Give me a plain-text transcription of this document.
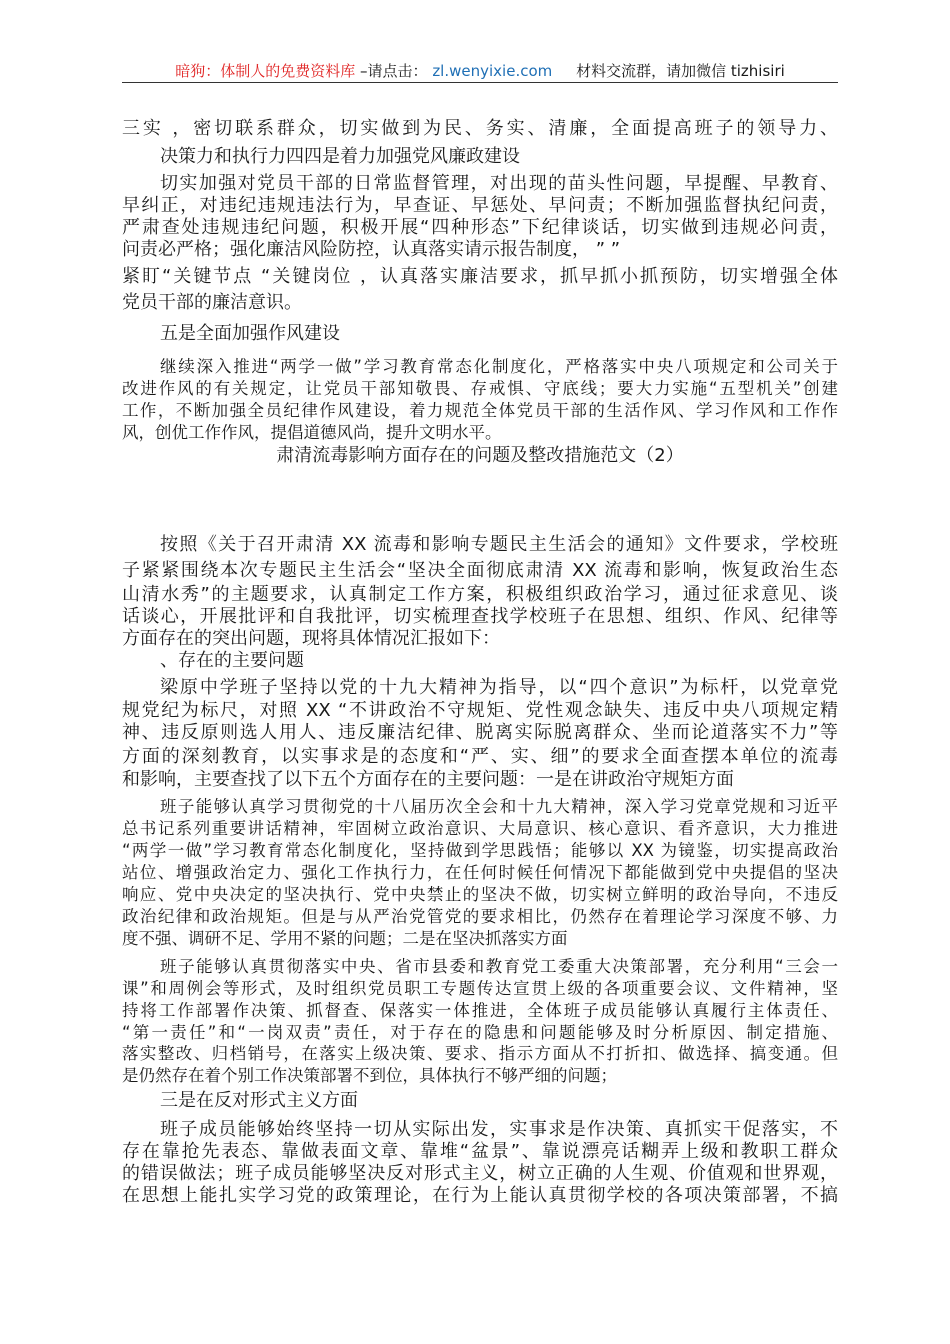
暗狗：体制人的免费资料库 –请点击： zl.wenyixie.com 材料交流群，请加微信 tizhisiri
三实 ，密切联系群众，切实做到为民、务实、清廉，全面提高班子的领导力、
决策力和执行力四四是着力加强党风廉政建设
切实加强对党员干部的日常监督管理，对出现的苗头性问题，早提醒、早教育、
早纠正，对违纪违规违法行为，早查证、早惩处、早问责；不断加强监督执纪问责，
严肃查处违规违纪问题，积极开展“四种形态”下纪律谈话，切实做到违规必问责，
问责必严格；强化廉洁风险防控，认真落实请示报告制度， ” ”
紧盯“关键节点 “关键岗位 ，认真落实廉洁要求，抓早抓小抓预防，切实增强全体
党员干部的廉洁意识。
五是全面加强作风建设
继续深入推进“两学一做”学习教育常态化制度化，严格落实中央八项规定和公司关于
改进作风的有关规定，让党员干部知敬畏、存戒惧、守底线；要大力实施“五型机关”创建
工作，不断加强全员纪律作风建设，着力规范全体党员干部的生活作风、学习作风和工作作
风，创优工作作风，提倡道德风尚，提升文明水平。
肃清流毒影响方面存在的问题及整改措施范文（2）
按照《关于召开肃清 XX 流毒和影响专题民主生活会的通知》文件要求，学校班
子紧紧围绕本次专题民主生活会“坚决全面彻底肃清 XX 流毒和影响，恢复政治生态
山清水秀”的主题要求，认真制定工作方案，积极组织政治学习，通过征求意见、谈
话谈心，开展批评和自我批评，切实梳理查找学校班子在思想、组织、作风、纪律等
方面存在的突出问题，现将具体情况汇报如下：
、存在的主要问题
梁原中学班子坚持以党的十九大精神为指导，以“四个意识”为标杆，以党章党
规党纪为标尺，对照 XX “不讲政治不守规矩、党性观念缺失、违反中央八项规定精
神、违反原则选人用人、违反廉洁纪律、脱离实际脱离群众、坐而论道落实不力”等
方面的深刻教育，以实事求是的态度和“严、实、细”的要求全面查摆本单位的流毒
和影响，主要查找了以下五个方面存在的主要问题：一是在讲政治守规矩方面
班子能够认真学习贯彻党的十八届历次全会和十九大精神，深入学习党章党规和习近平
总书记系列重要讲话精神，牢固树立政治意识、大局意识、核心意识、看齐意识，大力推进
“两学一做”学习教育常态化制度化，坚持做到学思践悟；能够以 XX 为镜鉴，切实提高政治
站位、增强政治定力、强化工作执行力，在任何时候任何情况下都能做到党中央提倡的坚决
响应、党中央决定的坚决执行、党中央禁止的坚决不做，切实树立鲜明的政治导向，不违反
政治纪律和政治规矩。但是与从严治党管党的要求相比，仍然存在着理论学习深度不够、力
度不强、调研不足、学用不紧的问题；二是在坚决抓落实方面
班子能够认真贯彻落实中央、省市县委和教育党工委重大决策部署，充分利用“三会一
课”和周例会等形式，及时组织党员职工专题传达宣贯上级的各项重要会议、文件精神，坚
持将工作部署作决策、抓督查、保落实一体推进，全体班子成员能够认真履行主体责任、
“第一责任”和“一岗双责”责任，对于存在的隐患和问题能够及时分析原因、制定措施、
落实整改、归档销号，在落实上级决策、要求、指示方面从不打折扣、做选择、搞变通。但
是仍然存在着个别工作决策部署不到位，具体执行不够严细的问题；
三是在反对形式主义方面
班子成员能够始终坚持一切从实际出发，实事求是作决策、真抓实干促落实，不
存在靠抢先表态、靠做表面文章、靠堆“盆景”、靠说漂亮话糊弄上级和教职工群众
的错误做法；班子成员能够坚决反对形式主义，树立正确的人生观、价值观和世界观，
在思想上能扎实学习党的政策理论，在行为上能认真贯彻学校的各项决策部署，不搞
